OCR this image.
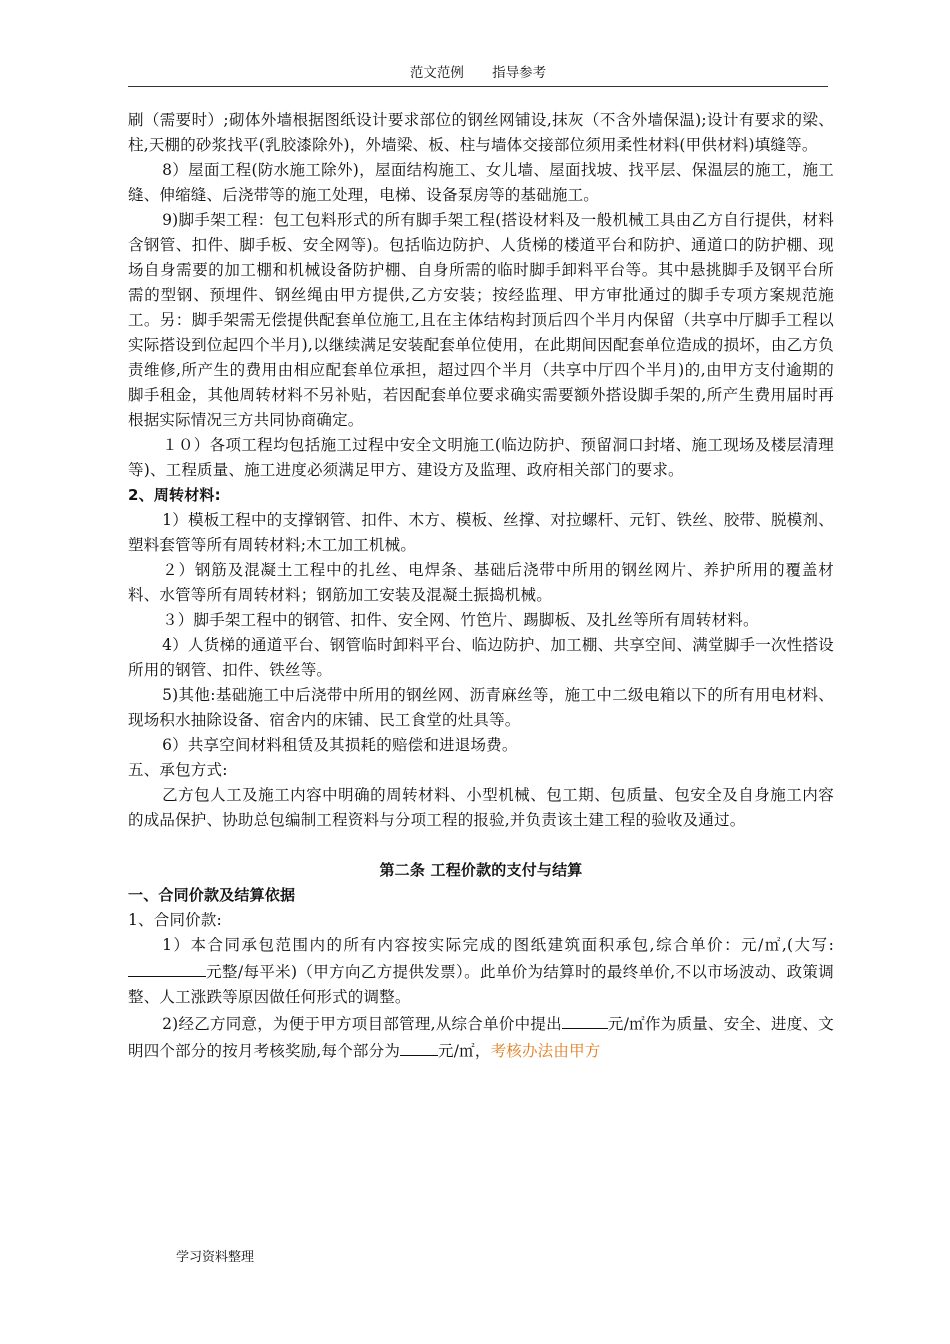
范文范例 指导参考

刷（需要时）;砌体外墙根据图纸设计要求部位的钢丝网铺设,抹灰（不含外墙保温);设计有要求的梁、柱,天棚的砂浆找平(乳胶漆除外)，外墙梁、板、柱与墙体交接部位须用柔性材料(甲供材料)填缝等。

8）屋面工程(防水施工除外)，屋面结构施工、女儿墙、屋面找坡、找平层、保温层的施工，施工缝、伸缩缝、后浇带等的施工处理，电梯、设备泵房等的基础施工。

9)脚手架工程：包工包料形式的所有脚手架工程(搭设材料及一般机械工具由乙方自行提供，材料含钢管、扣件、脚手板、安全网等)。包括临边防护、人货梯的楼道平台和防护、通道口的防护棚、现场自身需要的加工棚和机械设备防护棚、自身所需的临时脚手卸料平台等。其中悬挑脚手及钢平台所需的型钢、预埋件、钢丝绳由甲方提供,乙方安装；按经监理、甲方审批通过的脚手专项方案规范施工。另：脚手架需无偿提供配套单位施工,且在主体结构封顶后四个半月内保留（共享中厅脚手工程以实际搭设到位起四个半月),以继续满足安装配套单位使用，在此期间因配套单位造成的损坏，由乙方负责维修,所产生的费用由相应配套单位承担，超过四个半月（共享中厅四个半月)的,由甲方支付逾期的脚手租金，其他周转材料不另补贴，若因配套单位要求确实需要额外搭设脚手架的,所产生费用届时再根据实际情况三方共同协商确定。

１０）各项工程均包括施工过程中安全文明施工(临边防护、预留洞口封堵、施工现场及楼层清理等)、工程质量、施工进度必须满足甲方、建设方及监理、政府相关部门的要求。

2、周转材料:

1）模板工程中的支撑钢管、扣件、木方、模板、丝撑、对拉螺杆、元钉、铁丝、胶带、脱模剂、塑料套管等所有周转材料;木工加工机械。

２）钢筋及混凝土工程中的扎丝、电焊条、基础后浇带中所用的钢丝网片、养护所用的覆盖材料、水管等所有周转材料；钢筋加工安装及混凝土振捣机械。

３）脚手架工程中的钢管、扣件、安全网、竹笆片、踢脚板、及扎丝等所有周转材料。

4）人货梯的通道平台、钢管临时卸料平台、临边防护、加工棚、共享空间、满堂脚手一次性搭设所用的钢管、扣件、铁丝等。

5)其他:基础施工中后浇带中所用的钢丝网、沥青麻丝等，施工中二级电箱以下的所有用电材料、现场积水抽除设备、宿舍内的床铺、民工食堂的灶具等。

6）共享空间材料租赁及其损耗的赔偿和进退场费。

五、承包方式:

乙方包人工及施工内容中明确的周转材料、小型机械、包工期、包质量、包安全及自身施工内容的成品保护、协助总包编制工程资料与分项工程的报验,并负责该土建工程的验收及通过。

第二条 工程价款的支付与结算

一、合同价款及结算依据

1、合同价款:

1）本合同承包范围内的所有内容按实际完成的图纸建筑面积承包,综合单价：元/㎡,(大写:元整/每平米)（甲方向乙方提供发票）。此单价为结算时的最终单价,不以市场波动、政策调整、人工涨跌等原因做任何形式的调整。

2)经乙方同意，为便于甲方项目部管理,从综合单价中提出	元/㎡作为质量、安全、进度、文明四个部分的按月考核奖励,每个部分为 元/㎡，考核办法由甲方

学习资料整理
